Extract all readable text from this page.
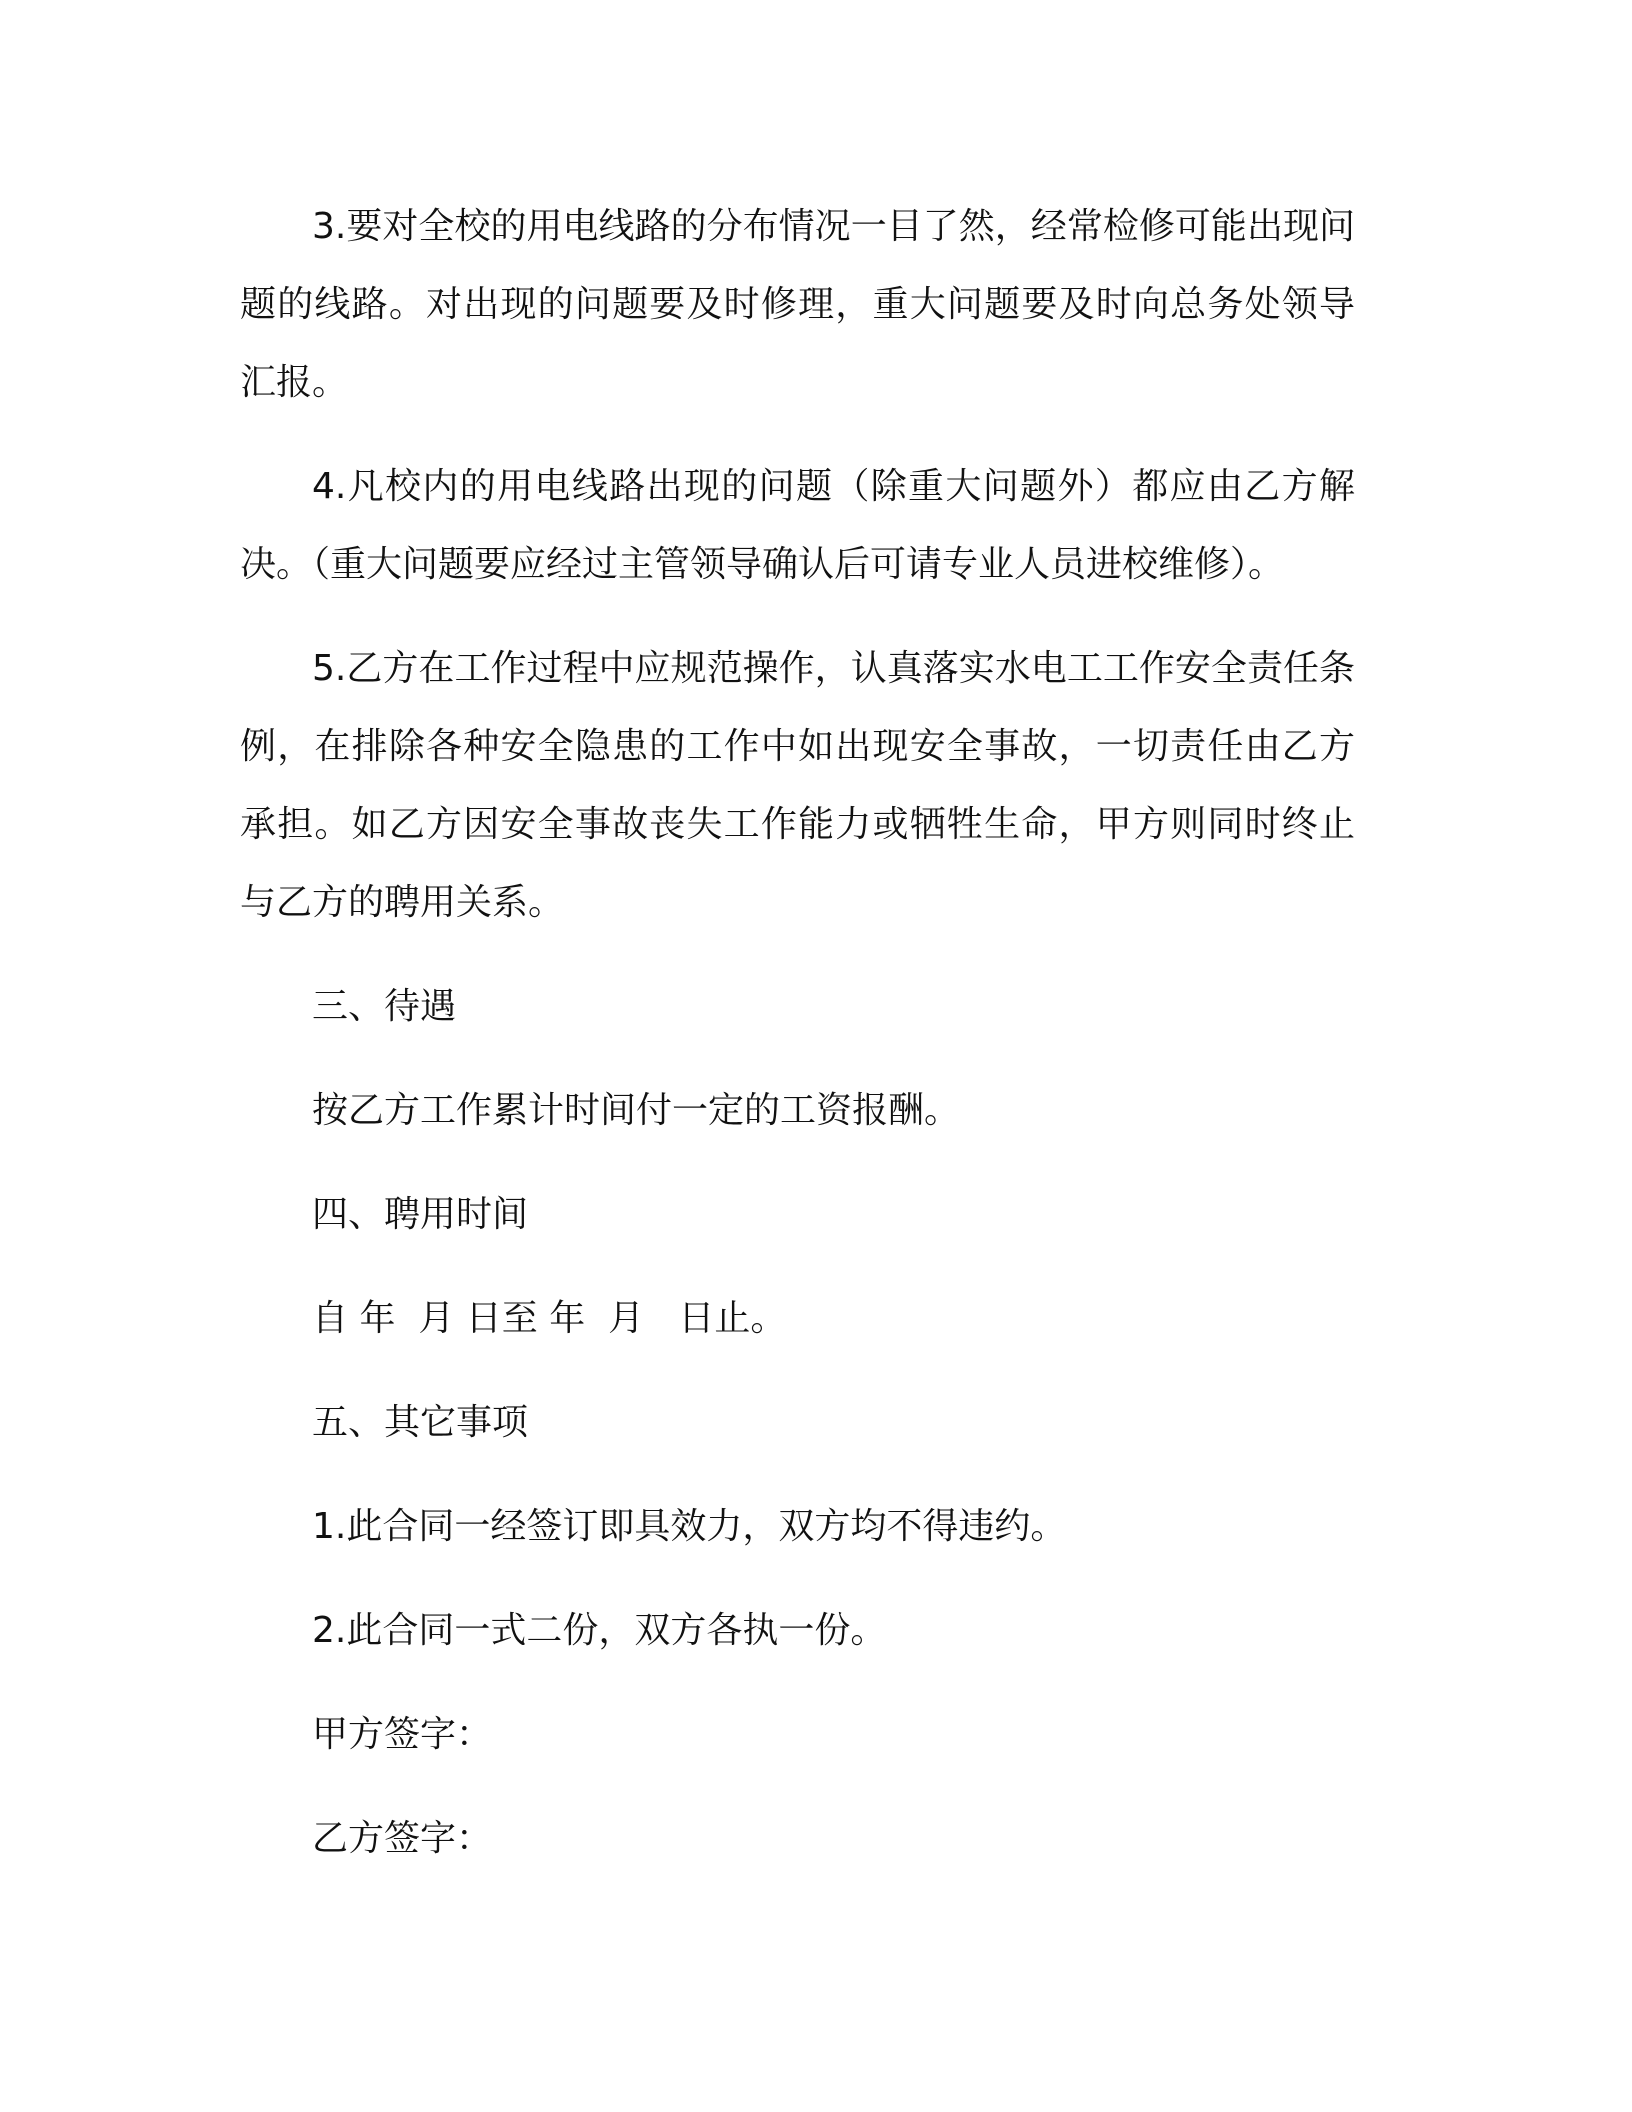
3.要对全校的用电线路的分布情况一目了然，经常检修可能出现问题的线路。对出现的问题要及时修理，重大问题要及时向总务处领导汇报。

4.凡校内的用电线路出现的问题（除重大问题外）都应由乙方解决。（重大问题要应经过主管领导确认后可请专业人员进校维修）。

5.乙方在工作过程中应规范操作，认真落实水电工工作安全责任条例，在排除各种安全隐患的工作中如出现安全事故，一切责任由乙方承担。如乙方因安全事故丧失工作能力或牺牲生命，甲方则同时终止与乙方的聘用关系。

三、待遇

按乙方工作累计时间付一定的工资报酬。

四、聘用时间

自 年  月 日至 年  月   日止。

五、其它事项

1.此合同一经签订即具效力，双方均不得违约。

2.此合同一式二份，双方各执一份。

甲方签字：

乙方签字：
